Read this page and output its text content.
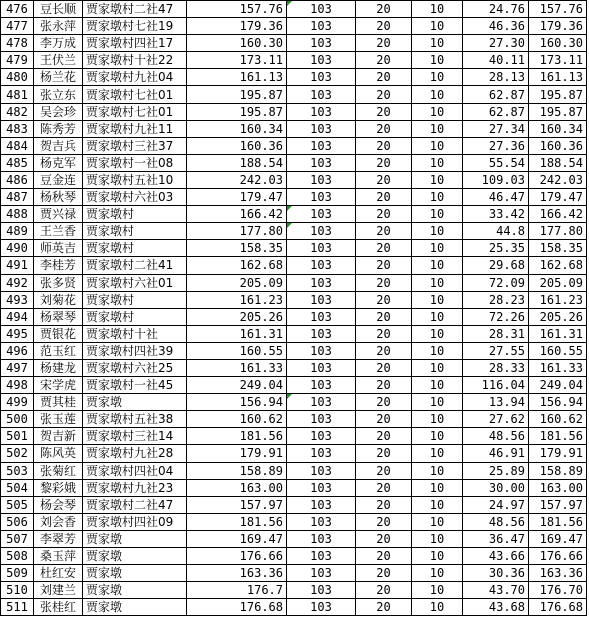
476	豆长顺	贾家墩村二社47	157.76	103	20	10	24.76	157.76
477	张永萍	贾家墩村七社19	179.36	103	20	10	46.36	179.36
478	李万成	贾家墩村四社17	160.30	103	20	10	27.30	160.30
479	王伏兰	贾家墩村十社22	173.11	103	20	10	40.11	173.11
480	杨兰花	贾家墩村九社04	161.13	103	20	10	28.13	161.13
481	张立东	贾家墩村七社01	195.87	103	20	10	62.87	195.87
482	吴会珍	贾家墩村七社01	195.87	103	20	10	62.87	195.87
483	陈秀芳	贾家墩村九社11	160.34	103	20	10	27.34	160.34
484	贺吉兵	贾家墩村三社37	160.36	103	20	10	27.36	160.36
485	杨克军	贾家墩村一社08	188.54	103	20	10	55.54	188.54
486	豆金连	贾家墩村五社10	242.03	103	20	10	109.03	242.03
487	杨秋琴	贾家墩村六社03	179.47	103	20	10	46.47	179.47
488	贾兴禄	贾家墩村	166.42	103	20	10	33.42	166.42
489	王兰香	贾家墩村	177.80	103	20	10	44.8	177.80
490	师英吉	贾家墩村	158.35	103	20	10	25.35	158.35
491	李桂芳	贾家墩村二社41	162.68	103	20	10	29.68	162.68
492	张多贤	贾家墩村六社01	205.09	103	20	10	72.09	205.09
493	刘菊花	贾家墩村	161.23	103	20	10	28.23	161.23
494	杨翠琴	贾家墩村	205.26	103	20	10	72.26	205.26
495	贾银花	贾家墩村十社	161.31	103	20	10	28.31	161.31
496	范玉红	贾家墩村四社39	160.55	103	20	10	27.55	160.55
497	杨建龙	贾家墩村六社25	161.33	103	20	10	28.33	161.33
498	宋学虎	贾家墩村一社45	249.04	103	20	10	116.04	249.04
499	贾其桂	贾家墩	156.94	103	20	10	13.94	156.94
500	张玉莲	贾家墩村五社38	160.62	103	20	10	27.62	160.62
501	贺吉新	贾家墩村三社14	181.56	103	20	10	48.56	181.56
502	陈风英	贾家墩村九社28	179.91	103	20	10	46.91	179.91
503	张菊红	贾家墩村四社04	158.89	103	20	10	25.89	158.89
504	黎彩娥	贾家墩村九社23	163.00	103	20	10	30.00	163.00
505	杨会琴	贾家墩村二社47	157.97	103	20	10	24.97	157.97
506	刘会香	贾家墩村四社09	181.56	103	20	10	48.56	181.56
507	李翠芳	贾家墩	169.47	103	20	10	36.47	169.47
508	桑玉萍	贾家墩	176.66	103	20	10	43.66	176.66
509	杜红安	贾家墩	163.36	103	20	10	30.36	163.36
510	刘建兰	贾家墩	176.7	103	20	10	43.70	176.70
511	张桂红	贾家墩	176.68	103	20	10	43.68	176.68
